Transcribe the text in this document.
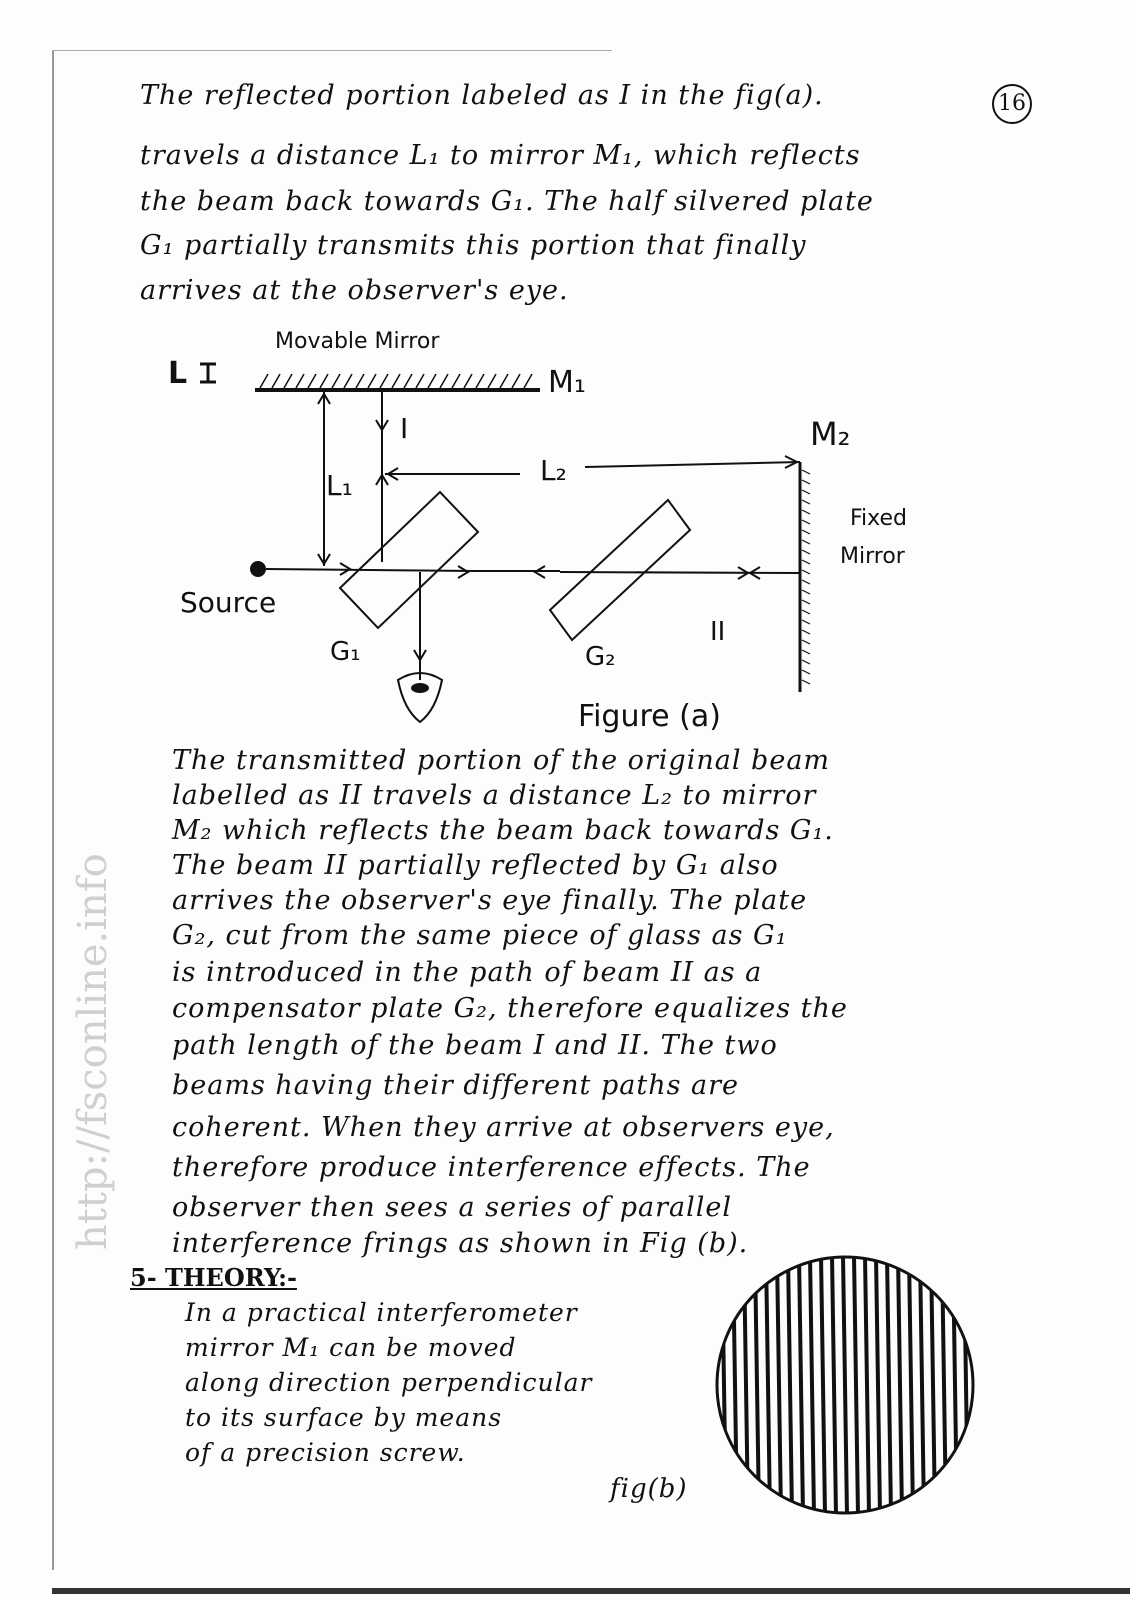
16
The reflected portion labeled as I in the fig(a).
travels a distance L₁ to mirror M₁, which reflects
the beam back towards G₁. The half silvered plate
G₁ partially transmits this portion that finally
arrives at the observer's eye.
Movable Mirror
L	M₁
M₂
L₁
I
L₂
Fixed
Mirror
Source
G₁	G₂
II
Figure (a)
http://fsconline.info
The transmitted portion of the original beam
labelled as II travels a distance L₂ to mirror
M₂ which reflects the beam back towards G₁.
The beam II partially reflected by G₁ also
arrives the observer's eye finally. The plate
G₂, cut from the same piece of glass as G₁
is introduced in the path of beam II as a
compensator plate G₂, therefore equalizes the
path length of the beam I and II. The two
beams having their different paths are
coherent. When they arrive at observers eye,
therefore produce interference effects. The
observer then sees a series of parallel
interference frings as shown in Fig (b).
5- THEORY:-
In a practical interferometer
mirror M₁ can be moved
along direction perpendicular
to its surface by means
of a precision screw.
fig(b)
